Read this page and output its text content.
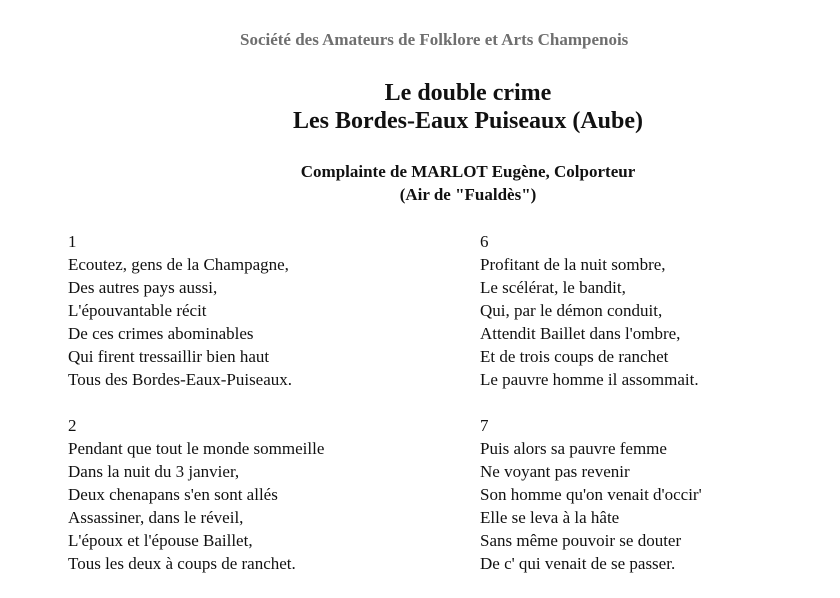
Société des Amateurs de Folklore et Arts Champenois
Le double crime
Les Bordes-Eaux Puiseaux (Aube)
Complainte de MARLOT Eugène, Colporteur
(Air de "Fualdès")
1
Ecoutez, gens de la Champagne,
Des autres pays aussi,
L'épouvantable récit
De ces crimes abominables
Qui firent tressaillir bien haut
Tous des Bordes-Eaux-Puiseaux.
2
Pendant que tout le monde sommeille
Dans la nuit du 3 janvier,
Deux chenapans s'en sont allés
Assassiner, dans le réveil,
L'époux et l'épouse Baillet,
Tous les deux à coups de ranchet.
6
Profitant de la nuit sombre,
Le scélérat, le bandit,
Qui, par le démon conduit,
Attendit Baillet dans l'ombre,
Et de trois coups de ranchet
Le pauvre homme il assommait.
7
Puis alors sa pauvre femme
Ne voyant pas revenir
Son homme qu'on venait d'occir'
Elle se leva à la hâte
Sans même pouvoir se douter
De c' qui venait de se passer.
